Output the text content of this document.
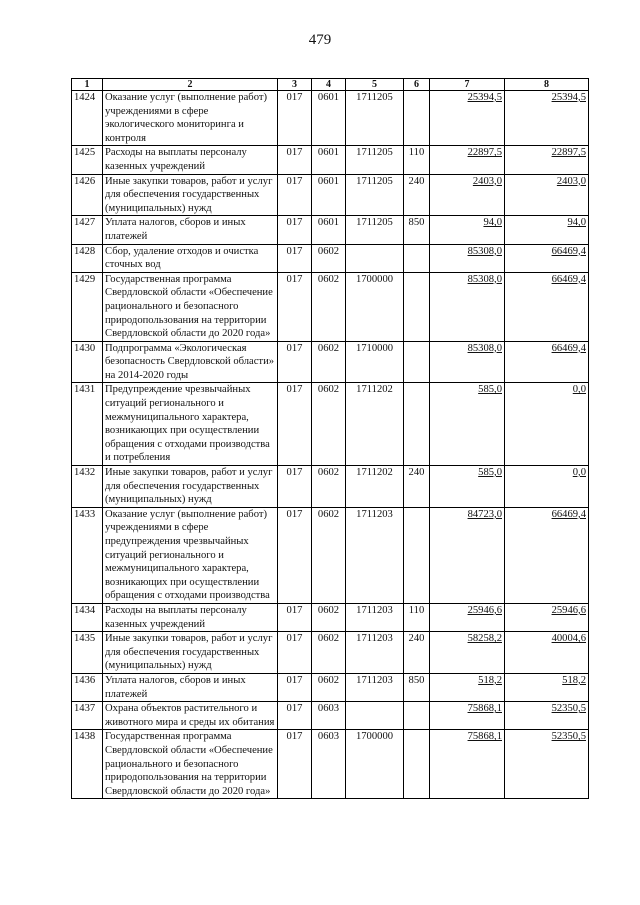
479
1	2	3	4	5	6	7	8
1424	Оказание услуг (выполнение работ) учреждениями в сфере экологического мониторинга и контроля	017	0601	1711205		25394,5	25394,5
1425	Расходы на выплаты персоналу казенных учреждений	017	0601	1711205	110	22897,5	22897,5
1426	Иные закупки товаров, работ и услуг для обеспечения государственных (муниципальных) нужд	017	0601	1711205	240	2403,0	2403,0
1427	Уплата налогов, сборов и иных платежей	017	0601	1711205	850	94,0	94,0
1428	Сбор, удаление отходов и очистка сточных вод	017	0602			85308,0	66469,4
1429	Государственная программа Свердловской области «Обеспечение рационального и безопасного природопользования на территории Свердловской области до 2020 года»	017	0602	1700000		85308,0	66469,4
1430	Подпрограмма «Экологическая безопасность Свердловской области» на 2014-2020 годы	017	0602	1710000		85308,0	66469,4
1431	Предупреждение чрезвычайных ситуаций регионального и межмуниципального характера, возникающих при осуществлении обращения с отходами производства и потребления	017	0602	1711202		585,0	0,0
1432	Иные закупки товаров, работ и услуг для обеспечения государственных (муниципальных) нужд	017	0602	1711202	240	585,0	0,0
1433	Оказание услуг (выполнение работ) учреждениями в сфере предупреждения чрезвычайных ситуаций регионального и межмуниципального характера, возникающих при осуществлении обращения с отходами производства	017	0602	1711203		84723,0	66469,4
1434	Расходы на выплаты персоналу казенных учреждений	017	0602	1711203	110	25946,6	25946,6
1435	Иные закупки товаров, работ и услуг для обеспечения государственных (муниципальных) нужд	017	0602	1711203	240	58258,2	40004,6
1436	Уплата налогов, сборов и иных платежей	017	0602	1711203	850	518,2	518,2
1437	Охрана объектов растительного и животного мира и среды их обитания	017	0603			75868,1	52350,5
1438	Государственная программа Свердловской области «Обеспечение рационального и безопасного природопользования на территории Свердловской области до 2020 года»	017	0603	1700000		75868,1	52350,5
